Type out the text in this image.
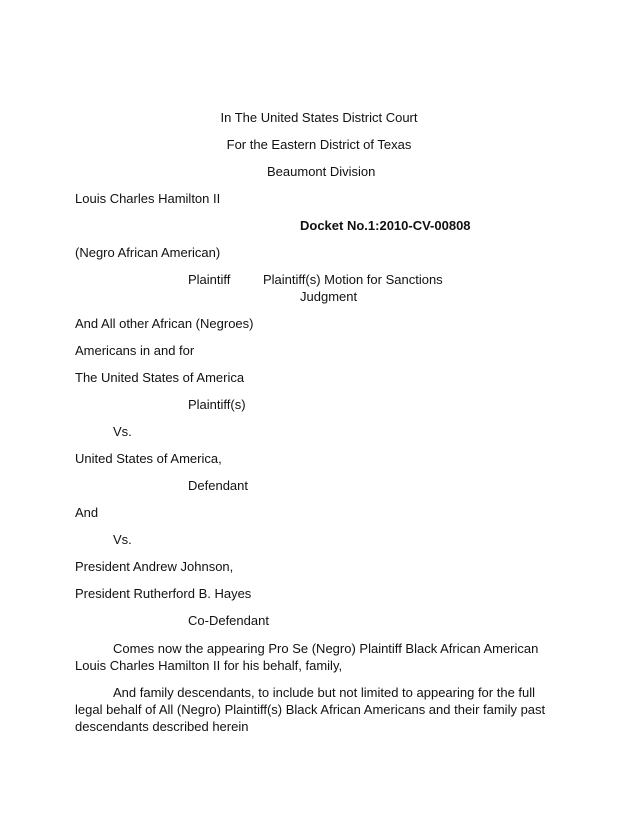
In The United States District Court
For the Eastern District of Texas
Beaumont Division
Louis Charles Hamilton II
Docket No.1:2010-CV-00808
(Negro African American)
Plaintiff	Plaintiff(s) Motion for Sanctions
Judgment
And All other African (Negroes)
Americans in and for
The United States of America
Plaintiff(s)
Vs.
United States of America,
Defendant
And
Vs.
President Andrew Johnson,
President Rutherford B. Hayes
Co-Defendant
Comes now the appearing Pro Se (Negro) Plaintiff Black African American Louis Charles Hamilton II for his behalf, family,
And family descendants, to include but not limited to appearing for the full legal behalf of All (Negro) Plaintiff(s) Black African Americans and their family past descendants described herein
